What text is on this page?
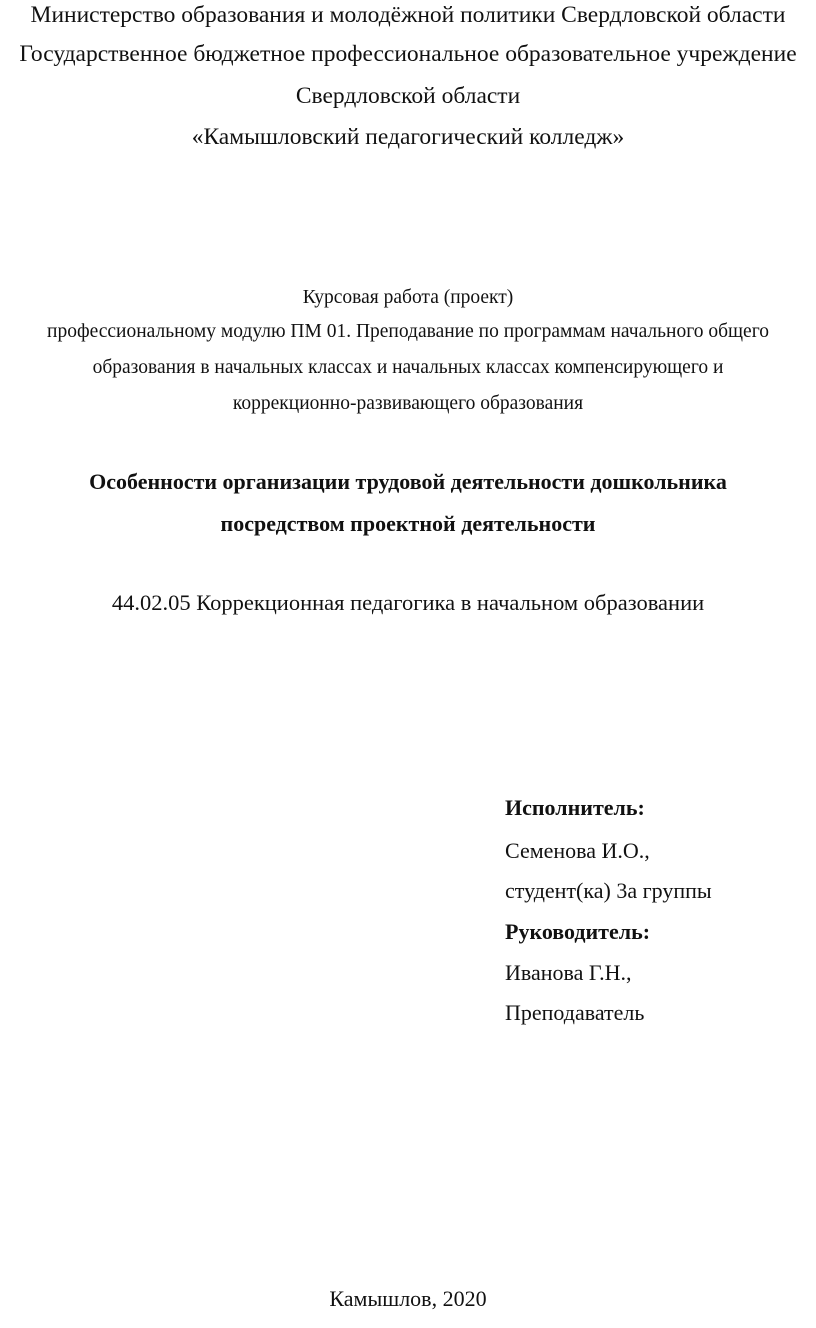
Министерство образования и молодёжной политики Свердловской области
Государственное бюджетное профессиональное образовательное учреждение
Свердловской области
«Камышловский педагогический колледж»
Курсовая работа (проект)
профессиональному модулю ПМ 01. Преподавание по программам начального общего
образования в начальных классах и начальных классах компенсирующего и
коррекционно-развивающего образования
Особенности организации трудовой деятельности дошкольника
посредством проектной деятельности
44.02.05 Коррекционная педагогика в начальном образовании
Исполнитель:
Семенова И.О.,
студент(ка) 3а группы
Руководитель:
Иванова Г.Н.,
Преподаватель
Камышлов, 2020
